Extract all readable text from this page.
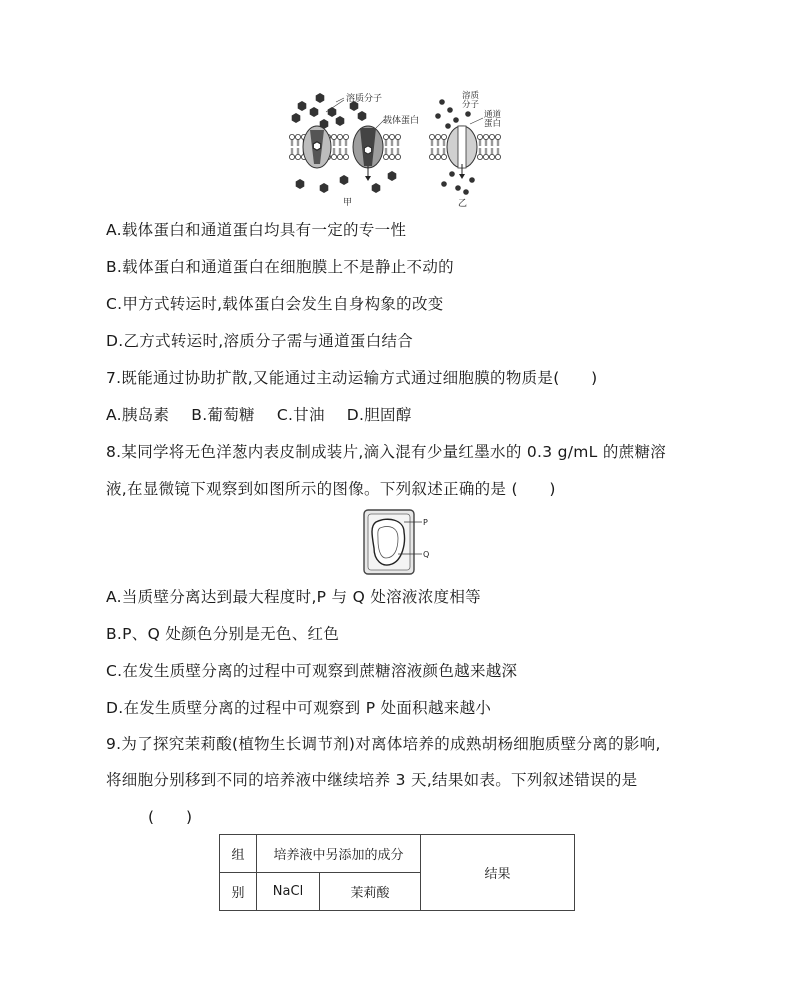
溶质分子
载体蛋白
甲
溶质
分子
通道
蛋白
乙
A.载体蛋白和通道蛋白均具有一定的专一性
B.载体蛋白和通道蛋白在细胞膜上不是静止不动的
C.甲方式转运时,载体蛋白会发生自身构象的改变
D.乙方式转运时,溶质分子需与通道蛋白结合
7.既能通过协助扩散,又能通过主动运输方式通过细胞膜的物质是(　　)
A.胰岛素 B.葡萄糖 C.甘油 D.胆固醇
8.某同学将无色洋葱内表皮制成装片,滴入混有少量红墨水的 0.3 g/mL 的蔗糖溶
液,在显微镜下观察到如图所示的图像。下列叙述正确的是 (　　)
P
Q
A.当质壁分离达到最大程度时,P 与 Q 处溶液浓度相等
B.P、Q 处颜色分别是无色、红色
C.在发生质壁分离的过程中可观察到蔗糖溶液颜色越来越深
D.在发生质壁分离的过程中可观察到 P 处面积越来越小
9.为了探究茉莉酸(植物生长调节剂)对离体培养的成熟胡杨细胞质壁分离的影响,
将细胞分别移到不同的培养液中继续培养 3 天,结果如表。下列叙述错误的是
(　　)
组	培养液中另添加的成分		结果
别	NaCl	茉莉酸	
